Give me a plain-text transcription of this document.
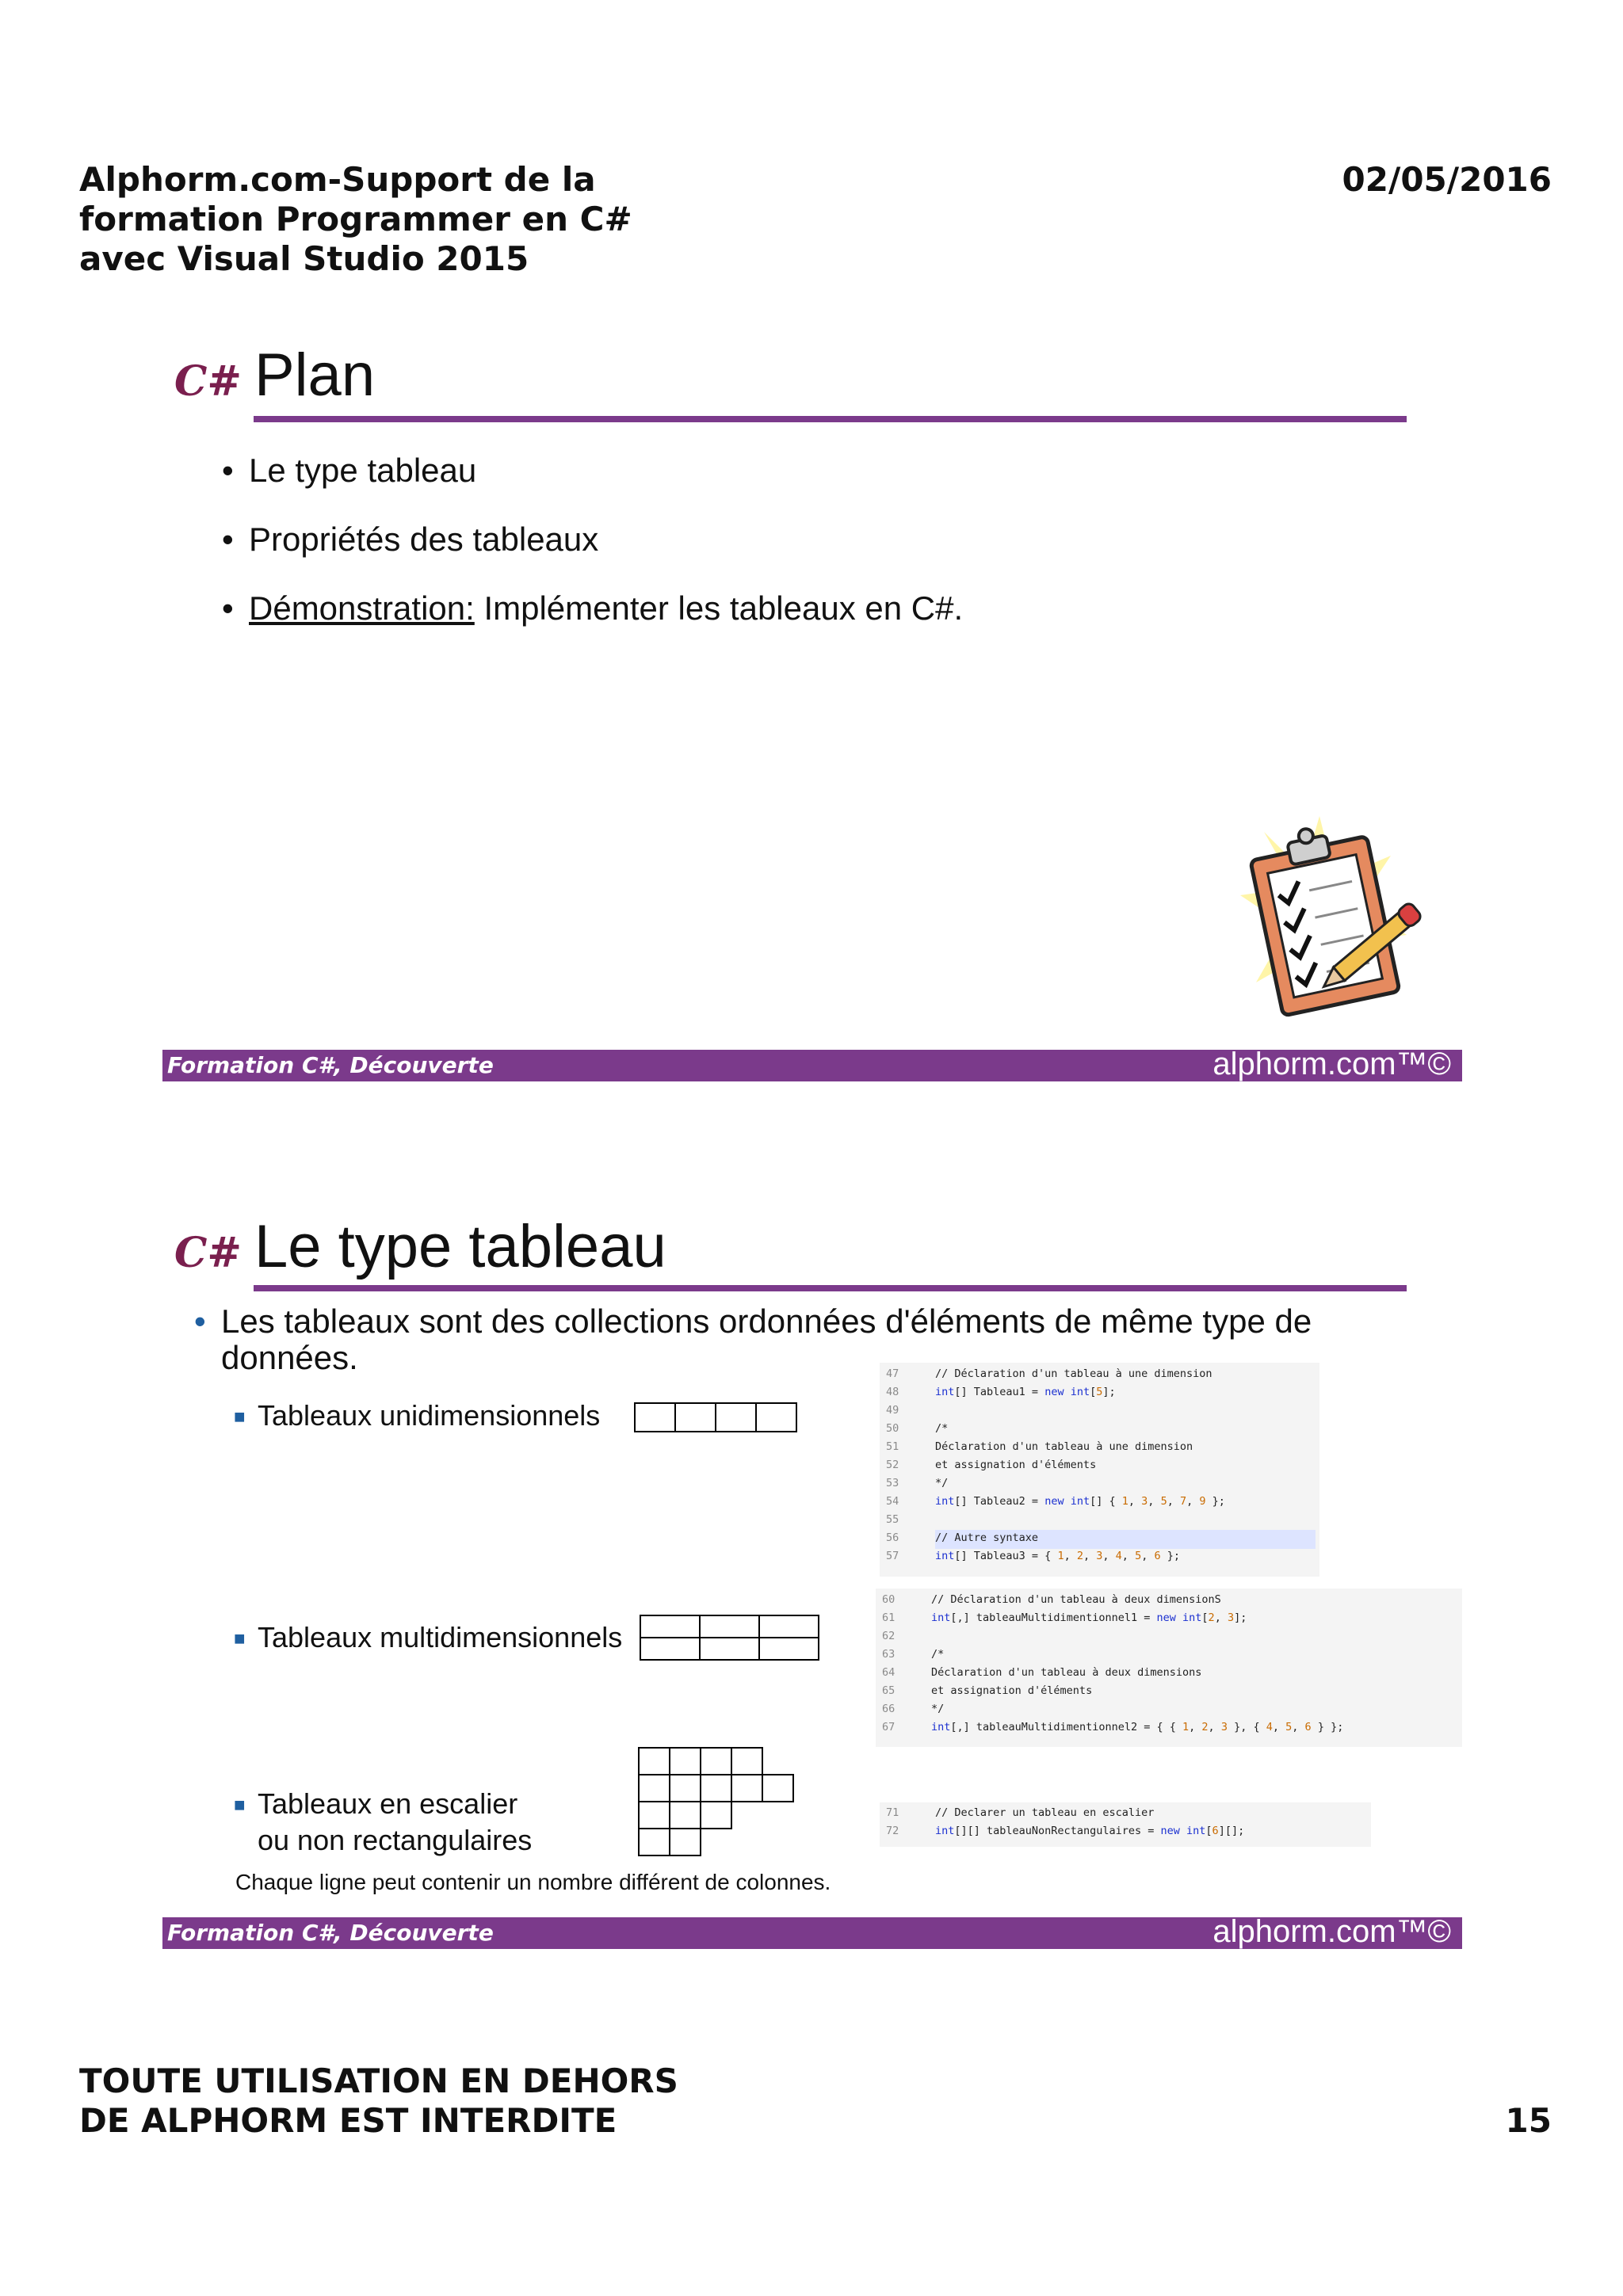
Alphorm.com-Support de la
formation Programmer en C#
avec Visual Studio 2015
02/05/2016
C# Plan
• Le type tableau
• Propriétés des tableaux
• Démonstration: Implémenter les tableaux en C#.
Formation C#, Découverte	alphorm.com™©
C# Le type tableau
• Les tableaux sont des collections ordonnées d'éléments de même type de
données.
■ Tableaux unidimensionnels

■ Tableaux multidimensionnels

■ Tableaux en escalier
ou non rectangulaires
Chaque ligne peut contenir un nombre différent de colonnes.
47	// Déclaration d'un tableau à une dimension
48	int[] Tableau1 = new int[5];
49
50	/*
51	Déclaration d'un tableau à une dimension
52	et assignation d'éléments
53	*/
54	int[] Tableau2 = new int[] { 1, 3, 5, 7, 9 };
55
56	// Autre syntaxe
57	int[] Tableau3 = { 1, 2, 3, 4, 5, 6 };
60	// Déclaration d'un tableau à deux dimensionS
61	int[,] tableauMultidimentionnel1 = new int[2, 3];
62
63	/*
64	Déclaration d'un tableau à deux dimensions
65	et assignation d'éléments
66	*/
67	int[,] tableauMultidimentionnel2 = { { 1, 2, 3 }, { 4, 5, 6 } };
71	// Declarer un tableau en escalier
72	int[][] tableauNonRectangulaires = new int[6][];
Formation C#, Découverte	alphorm.com™©
TOUTE UTILISATION EN DEHORS
DE ALPHORM EST INTERDITE	15
